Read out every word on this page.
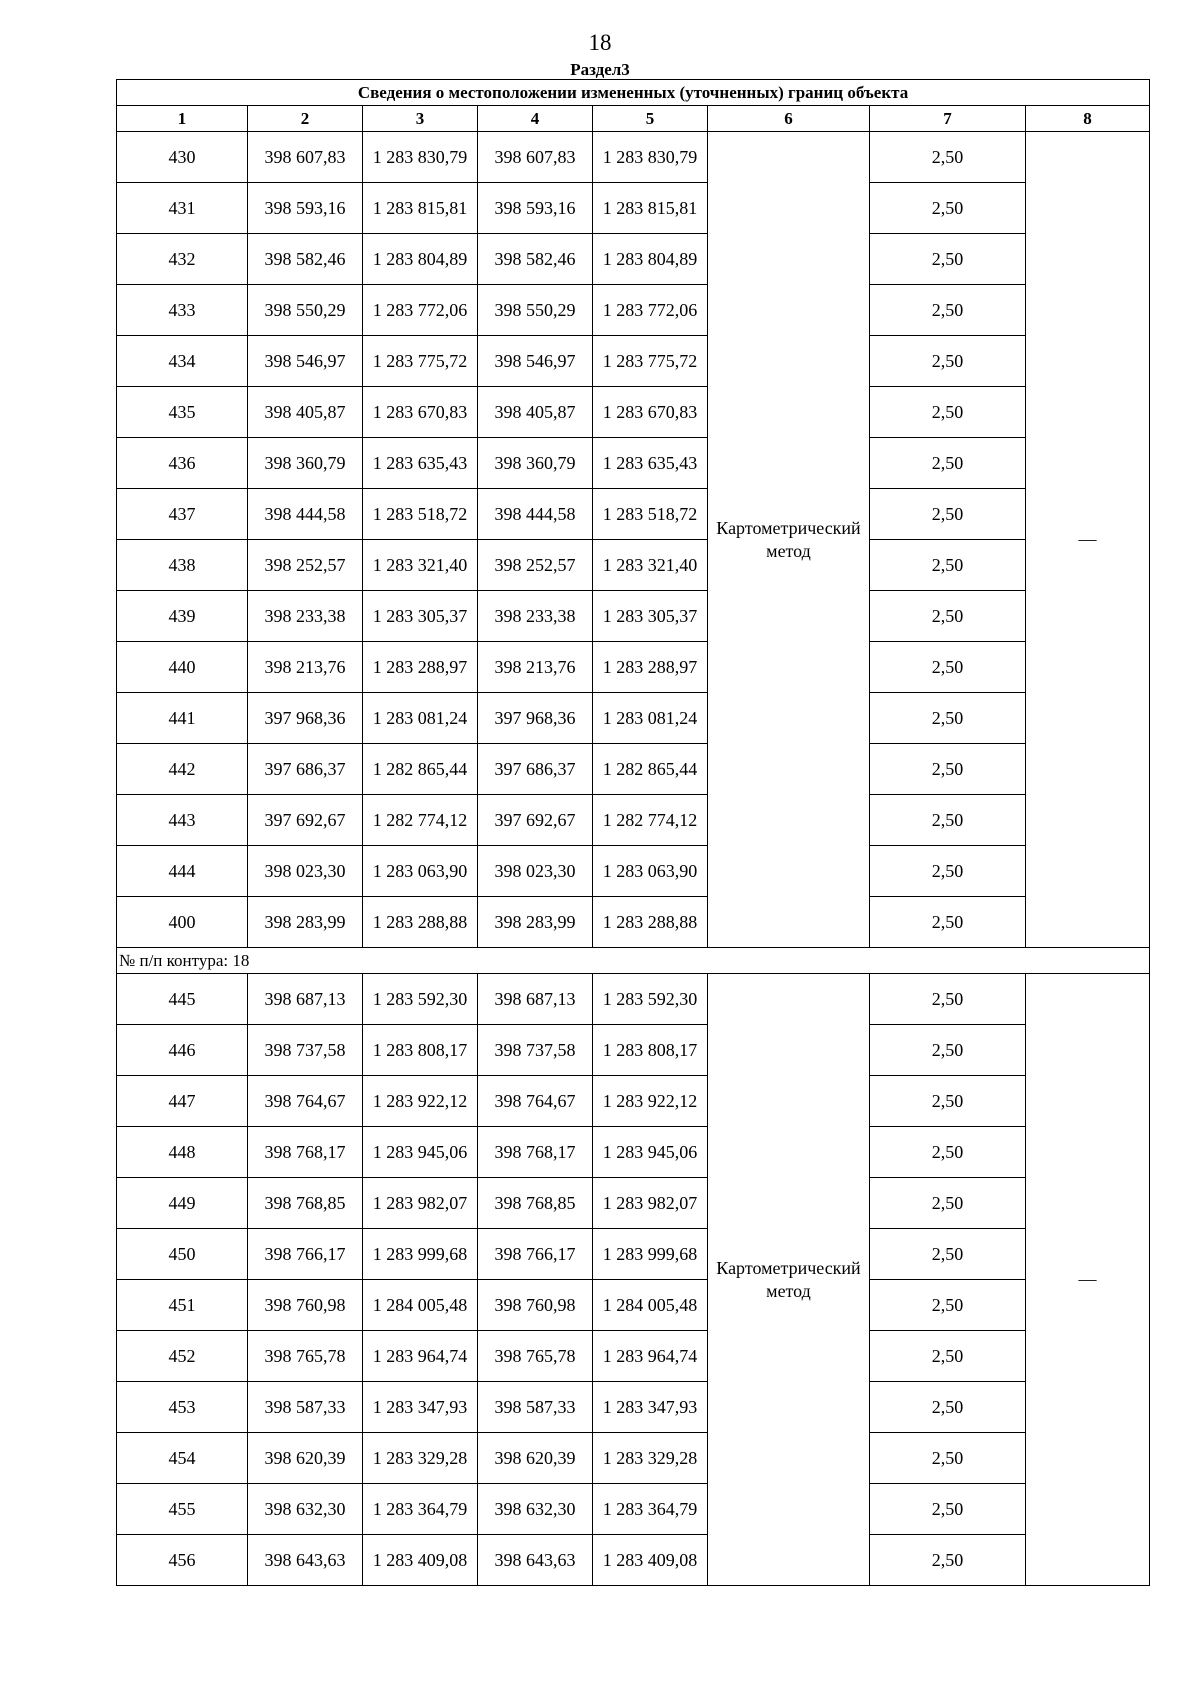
18
Раздел3
Сведения о местоположении измененных (уточненных) границ объекта							
1	2	3	4	5	6	7	8
430	398 607,83	1 283 830,79	398 607,83	1 283 830,79	Картометрический метод	2,50	—
431	398 593,16	1 283 815,81	398 593,16	1 283 815,81		2,50	
432	398 582,46	1 283 804,89	398 582,46	1 283 804,89		2,50	
433	398 550,29	1 283 772,06	398 550,29	1 283 772,06		2,50	
434	398 546,97	1 283 775,72	398 546,97	1 283 775,72		2,50	
435	398 405,87	1 283 670,83	398 405,87	1 283 670,83		2,50	
436	398 360,79	1 283 635,43	398 360,79	1 283 635,43		2,50	
437	398 444,58	1 283 518,72	398 444,58	1 283 518,72		2,50	
438	398 252,57	1 283 321,40	398 252,57	1 283 321,40		2,50	
439	398 233,38	1 283 305,37	398 233,38	1 283 305,37		2,50	
440	398 213,76	1 283 288,97	398 213,76	1 283 288,97		2,50	
441	397 968,36	1 283 081,24	397 968,36	1 283 081,24		2,50	
442	397 686,37	1 282 865,44	397 686,37	1 282 865,44		2,50	
443	397 692,67	1 282 774,12	397 692,67	1 282 774,12		2,50	
444	398 023,30	1 283 063,90	398 023,30	1 283 063,90		2,50	
400	398 283,99	1 283 288,88	398 283,99	1 283 288,88		2,50	
№ п/п контура: 18							
445	398 687,13	1 283 592,30	398 687,13	1 283 592,30	Картометрический метод	2,50	—
446	398 737,58	1 283 808,17	398 737,58	1 283 808,17		2,50	
447	398 764,67	1 283 922,12	398 764,67	1 283 922,12		2,50	
448	398 768,17	1 283 945,06	398 768,17	1 283 945,06		2,50	
449	398 768,85	1 283 982,07	398 768,85	1 283 982,07		2,50	
450	398 766,17	1 283 999,68	398 766,17	1 283 999,68		2,50	
451	398 760,98	1 284 005,48	398 760,98	1 284 005,48		2,50	
452	398 765,78	1 283 964,74	398 765,78	1 283 964,74		2,50	
453	398 587,33	1 283 347,93	398 587,33	1 283 347,93		2,50	
454	398 620,39	1 283 329,28	398 620,39	1 283 329,28		2,50	
455	398 632,30	1 283 364,79	398 632,30	1 283 364,79		2,50	
456	398 643,63	1 283 409,08	398 643,63	1 283 409,08		2,50	
